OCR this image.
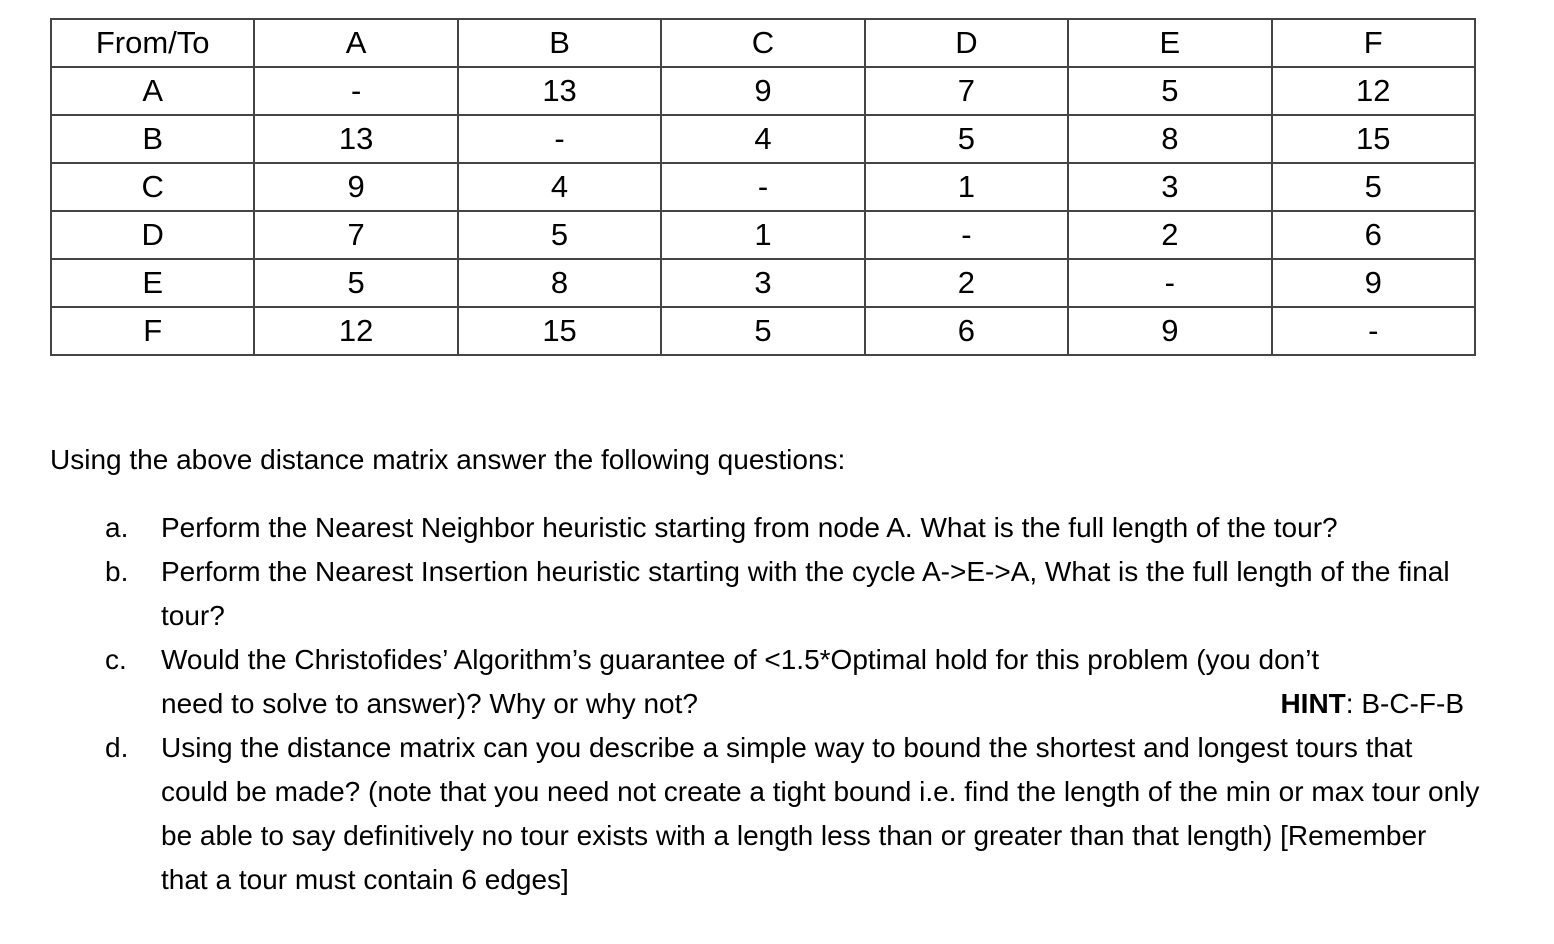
From/To	A	B	C	D	E	F
A	-	13	9	7	5	12
B	13	-	4	5	8	15
C	9	4	-	1	3	5
D	7	5	1	-	2	6
E	5	8	3	2	-	9
F	12	15	5	6	9	-

Using the above distance matrix answer the following questions:

a. Perform the Nearest Neighbor heuristic starting from node A. What is the full length of the tour?
b. Perform the Nearest Insertion heuristic starting with the cycle A->E->A, What is the full length of the final tour?
c. Would the Christofides’ Algorithm’s guarantee of <1.5*Optimal hold for this problem (you don’t
need to solve to answer)? Why or why not?	HINT: B-C-F-B
d. Using the distance matrix can you describe a simple way to bound the shortest and longest tours that could be made? (note that you need not create a tight bound i.e. find the length of the min or max tour only be able to say definitively no tour exists with a length less than or greater than that length) [Remember that a tour must contain 6 edges]
